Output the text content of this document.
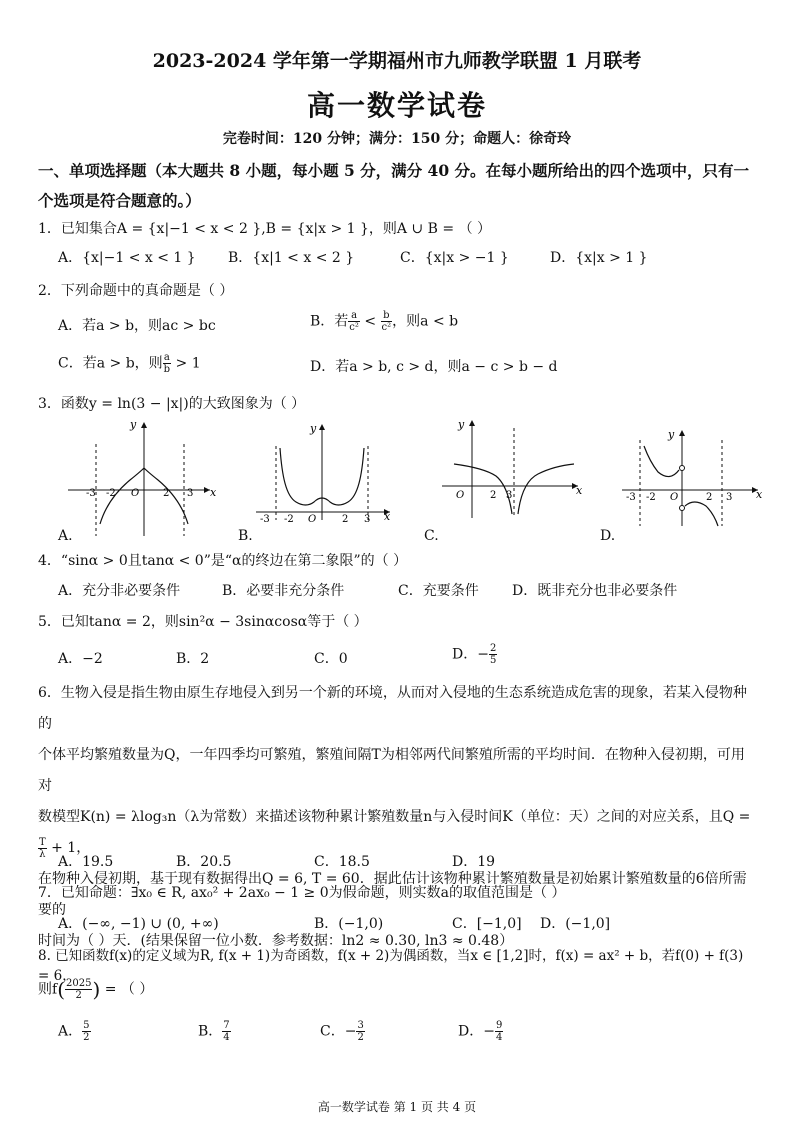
2023-2024 学年第一学期福州市九师教学联盟 1 月联考
高一数学试卷
完卷时间：120 分钟；满分：150 分；命题人：徐奇玲
一、单项选择题（本大题共 8 小题，每小题 5 分，满分 40 分。在每小题所给出的四个选项中，只有一
个选项是符合题意的。）
1．已知集合A = {x|−1 < x < 2 },B = {x|x > 1 }，则A ∪ B = （ ）
A．{x|−1 < x < 1 } B．{x|1 < x < 2 }	C．{x|x > −1 }	D．{x|x > 1 }
2．下列命题中的真命题是（ ）
A．若a > b，则ac > bc	B．若 $\frac{a}{\text{c²}} < \frac{b}{\text{c²}}$ ，则a < b
C．若a > b，则 $\frac{a}{b} > 1$	D．若a > b, c > d，则a − c > b − d
3．函数y = ln(3 − |x|)的大致图象为（ ）
x
y
-3 -2 O 2 3
A.
x
y
-3 -2 O	2 3
B.
x
y
O	2 3
C.
x
y
-3 -2 O	2 3
D.
4．“sinα > 0且tanα < 0”是“α的终边在第二象限”的（ ）
A．充分非必要条件	B．必要非充分条件	C．充要条件 D．既非充分也非必要条件
5．已知tanα = 2，则sin²α − 3sinαcosα等于（ ）
A．−2	B．2	C．0	D．− $\frac{2}{5}$
6．生物入侵是指生物由原生存地侵入到另一个新的环境，从而对入侵地的生态系统造成危害的现象，若某入侵物种的
个体平均繁殖数量为Q，一年四季均可繁殖，繁殖间隔T为相邻两代间繁殖所需的平均时间．在物种入侵初期，可用对
数模型K(n) = λlog₃n（λ为常数）来描述该物种累计繁殖数量n与入侵时间K（单位：天）之间的对应关系，且Q =
$\frac{T}{\lambda} + 1$，
在物种入侵初期，基于现有数据得出Q = 6, T = 60．据此估计该物种累计繁殖数量是初始累计繁殖数量的6倍所需要的
时间为（ ）天．(结果保留一位小数．参考数据：ln2 ≈ 0.30, ln3 ≈ 0.48）
A．19.5	B．20.5	C．18.5	D．19
7．已知命题：∃x₀ ∈ R, ax₀² + 2ax₀ − 1 ≥ 0为假命题，则实数a的取值范围是（ ）
A．(−∞, −1) ∪ (0, +∞)	B．(−1,0)	C．[−1,0] D．(−1,0]
8. 已知函数f(x)的定义域为R, f(x + 1)为奇函数，f(x + 2)为偶函数，当x ∈ [1,2]时，f(x) = ax² + b，若f(0) + f(3) = 6，
则$f( \frac{2025}{2}$ ) = （ ）
A． $\frac{5}{2}$	B． $\frac{7}{4}$	C．− $\frac{3}{2}$	D．− $\frac{9}{4}$
高一数学试卷 第 1 页 共 4 页
